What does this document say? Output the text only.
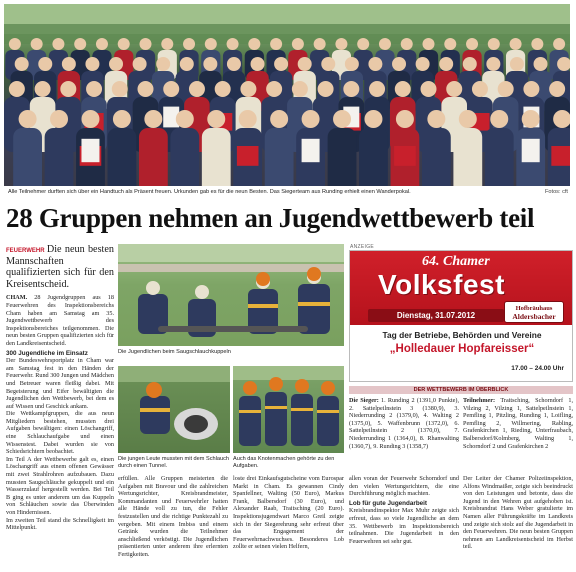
Alle Teilnehmer durften sich über ein Handtuch als Präsent freuen. Urkunden gab es für die neun Besten. Das Siegerteam aus Runding erhielt einen Wanderpokal.	Fotos: cft
28 Gruppen nehmen an Jugendwettbewerb teil
FEUERWEHR Die neun besten Mannschaften qualifizierten sich für den Kreisentscheid.

CHAM. 28 Jugendgruppen aus 18 Feuerwehren des Inspektionsbereichs Cham haben am Samstag am 35. Jugendwettbewerb des Inspektionsbereiches teilgenommen. Die neun besten Gruppen qualifizierten sich für den Landkreisentscheid.

300 Jugendliche im Einsatz

Der Bundeswehrsportplatz in Cham war am Samstag fest in den Händen der Feuerwehr. Rund 300 Jungen und Mädchen und Betreuer waren fleißig dabei. Mit Begeisterung und Eifer bewältigten die Jugendlichen den Wettbewerb, bei dem es auf Wissen und Geschick ankam.

Die Wettkampfgruppen, die aus neun Mitgliedern bestehen, mussten drei Aufgaben bewältigen: einen Löschangriff, eine Schlauchaufgabe und einen Wissenstest. Dabei wurden sie von Schiedsrichtern beobachtet.

Im Teil A der Wettbewerbe galt es, einen Löschangriff aus einem offenen Gewässer mit zwei Strahlrohren aufzubauen. Dazu mussten Saugschläuche gekuppelt und ein Wasserzulauf hergestellt werden. Bei Teil B ging es unter anderem um das Kuppeln von Schläuchen sowie das Überwinden von Hindernissen.

Im zweiten Teil stand die Schnelligkeit im Mittelpunkt.

Die Jugendlichen beim Saugschlauchkuppeln
Die jungen Leute mussten mit dem Schlauch durch einen Tunnel.
Auch das Knotenmachen gehörte zu den Aufgaben.
erfüllen. Alle Gruppen meisterten die Aufgaben mit Bravour und die zahlreichen Wertungsrichter, Kreisbrandmeister, Kommandanten und Feuerwehrler hatten alle Hände voll zu tun, die Fehler festzustellen und die richtige Punktezahl zu vergeben. Mit einem Imbiss und einem Getränk wurden die Teilnehmer anschließend verköstigt. Die Jugendlichen präsentierten unter anderem ihre erlernten Fertigkeiten.
loste drei Einkaufsgutscheine vom Eurospar Markt in Cham. Es gewannen Cindy Spanfellner, Walting (50 Euro), Markus Frank, Balbersdorf (30 Euro), und Alexander Raab, Traitsching (20 Euro). Inspektionsjugendwart Marco Greil zeigte sich in der Siegerehrung sehr erfreut über das Engagement der Feuerwehrnachwuchses. Besonderes Lob zollte er seinen vielen Helfern,
ANZEIGE
64. Chamer
Volksfest
Dienstag, 31.07.2012
Hofbräuhaus
Aldersbacher
Tag der Betriebe, Behörden und Vereine
„Holledauer Hopfareisser“
17.00 – 24.00 Uhr
DER WETTBEWERB IM ÜBERBLICK
Die Sieger: 1. Runding 2 (1391,0 Punkte), 2. Sattelpeilnstein 3 (1380,9), 3. Niederrunding 2 (1379,0), 4. Walting 2 (1375,0), 5. Waffenbrunn (1372,0), 6. Sattelpeilnstein 2 (1370,0), 7. Niederrunding 1 (1364,0), 8. Rhanwalting (1360,7), 9. Runding 3 (1358,7)
Teilnehmer: Traitsching, Schorndorf 1, Vilzing 2, Vilzing 1, Sattelpeilnstein 1, Pemfling 1, Pitzling, Runding 1, Loifling, Pemfling 2, Willmering, Rabling, Grafenkirchen 1, Rieding, Unterfraubach, Balbersdorf/Kolmberg, Walting 1, Schorndorf 2 und Grafenkirchen 2

allen voran der Feuerwehr Schorndorf und den vielen Wertungsrichtern, die eine Durchführung möglich machten.

Lob für gute Jugendarbeit

Kreisbrandinspektor Max Muhr zeigte sich erfreut, dass so viele Jugendliche an dem 35. Wettbewerb im Inspektionsbereich teilnahmen. Die Jugendarbeit in den Feuerwehren sei sehr gut.

Der Leiter der Chamer Polizeiinspektion, Alfons Windmaißer, zeigte sich beeindruckt von den Leistungen und betonte, dass die Jugend in den Wehren gut aufgehoben ist. Kreisbrandrat Hans Weber gratulierte im Namen aller Führungskräfte im Landkreis und zeigte sich stolz auf die Jugendarbeit in den Feuerwehren. Die neun besten Gruppen nehmen am Landkreisentscheid im Herbst teil.
